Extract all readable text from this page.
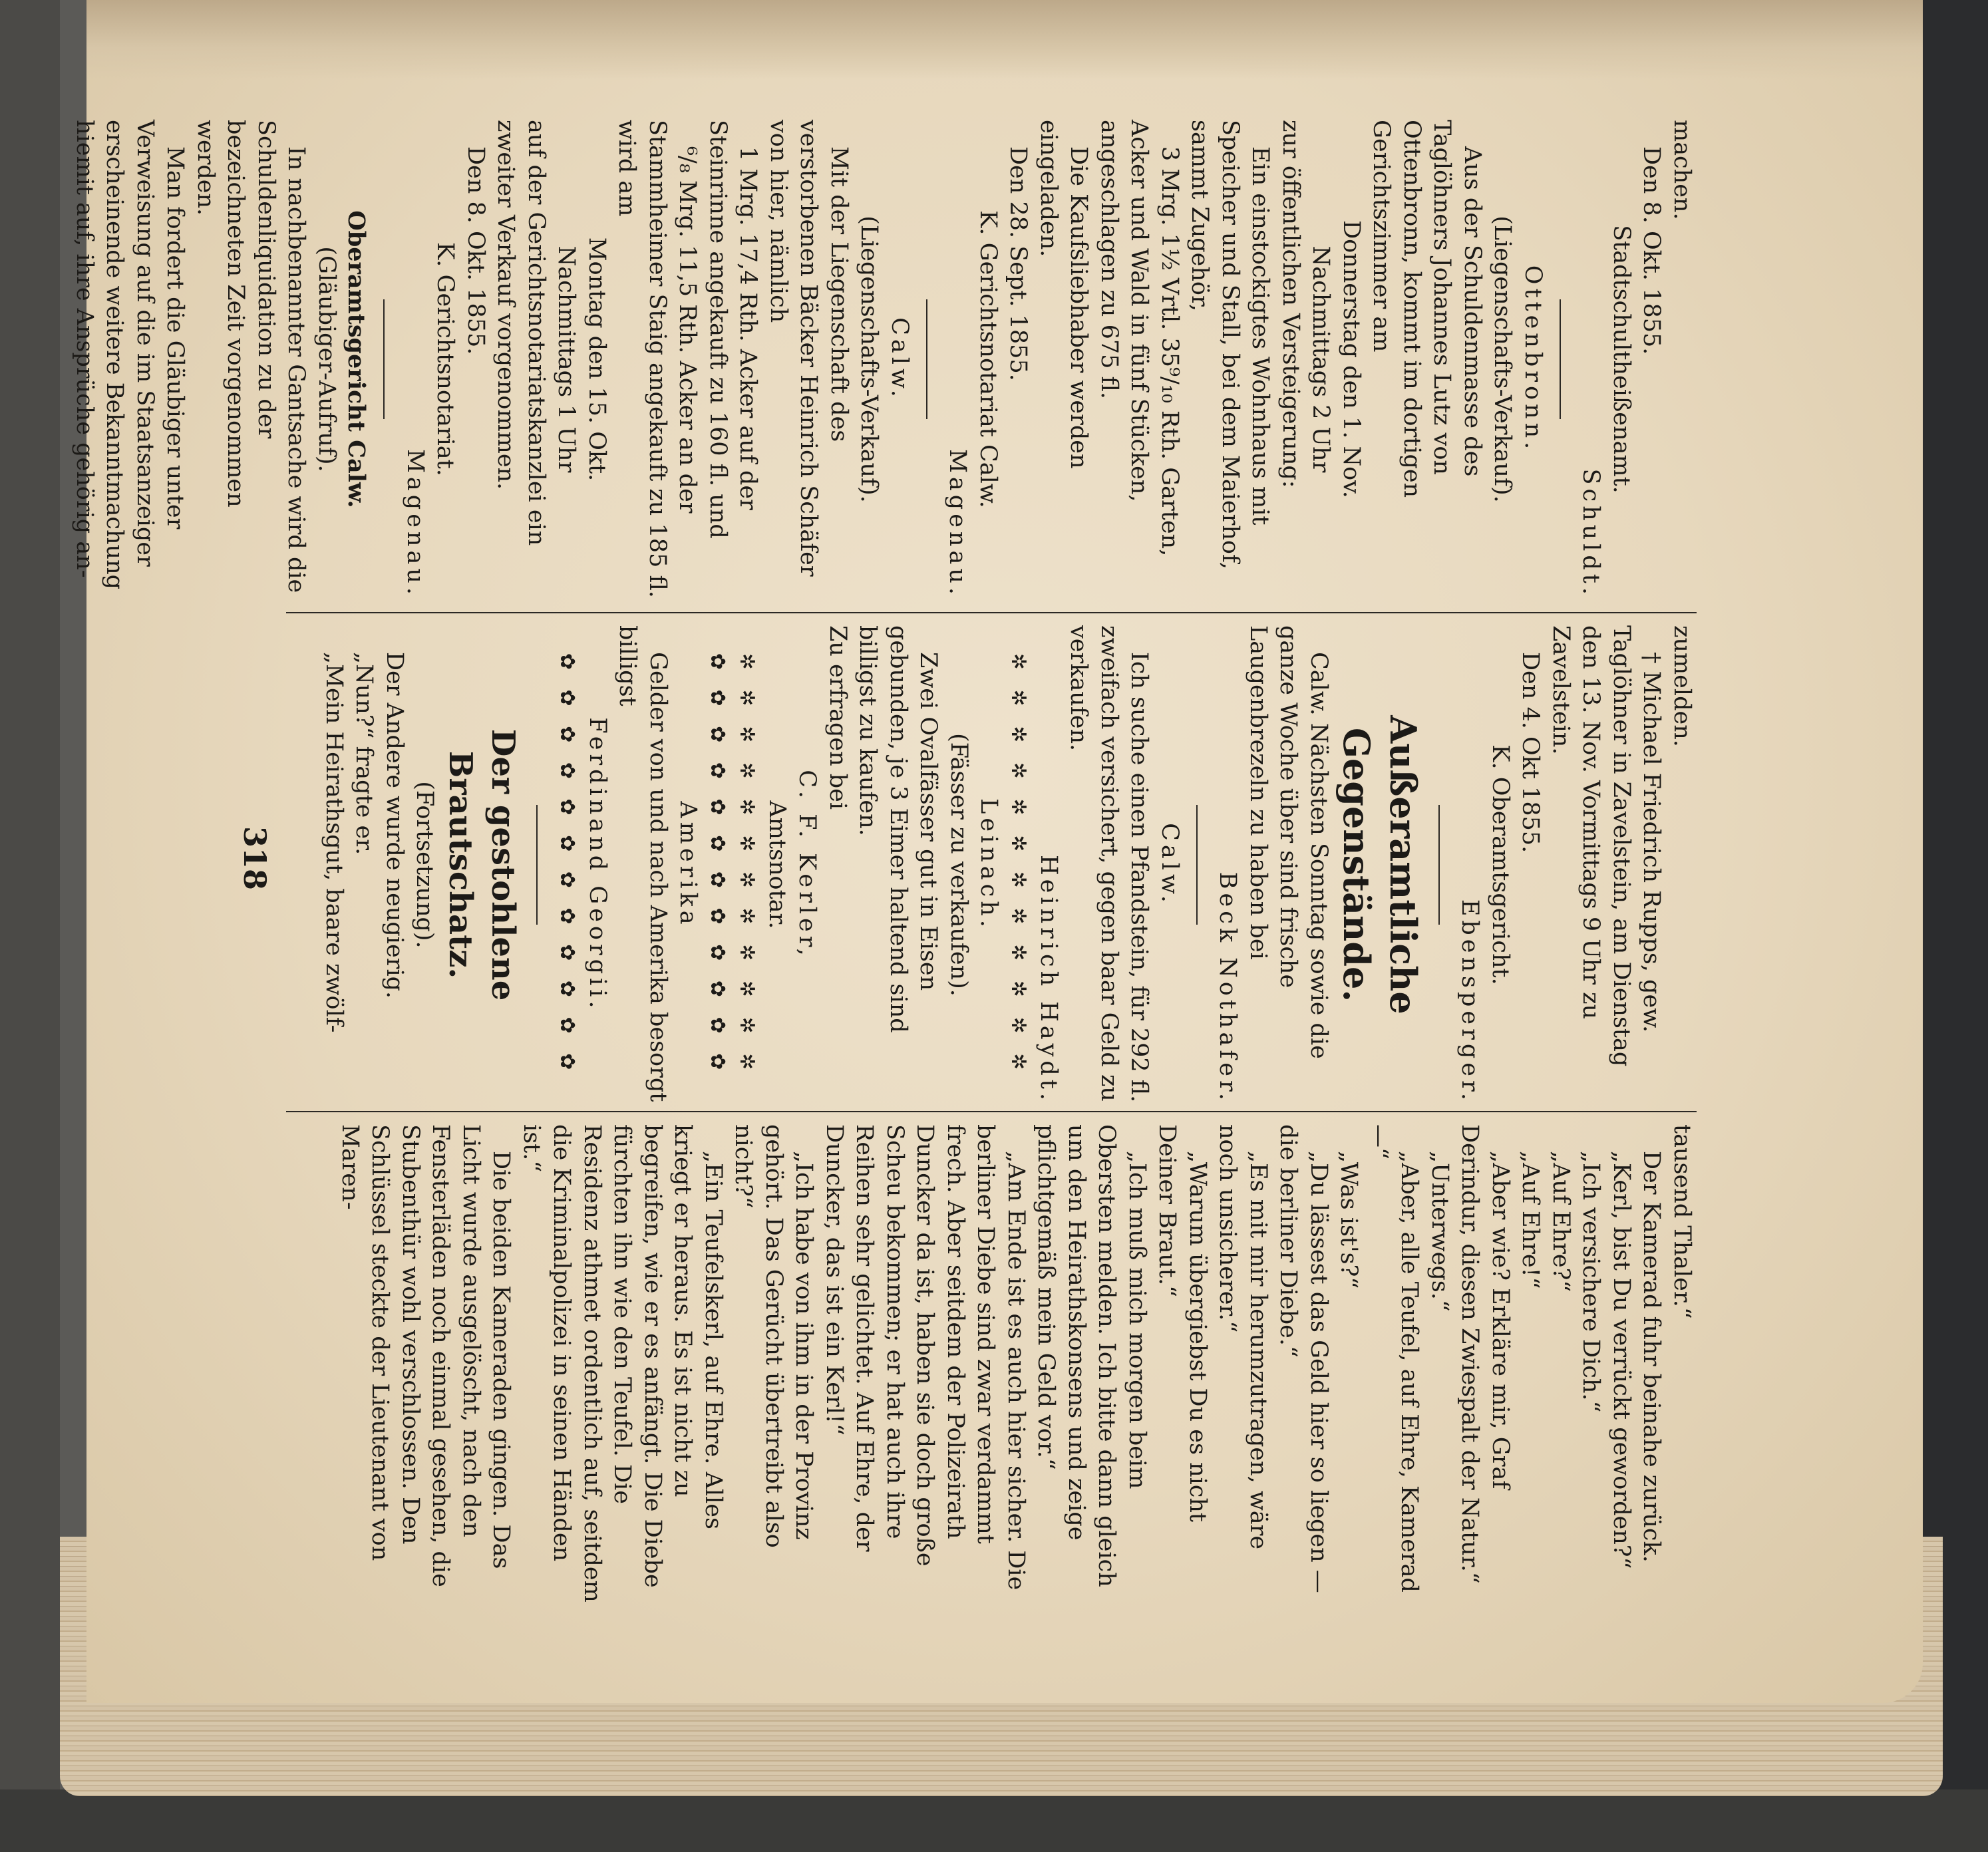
machen.

Den 8. Okt. 1855.

Stadtschultheißenamt.

Schuldt.

Ottenbronn.

(Liegenschafts-Verkauf).

Aus der Schuldenmasse des Taglöhners Johannes Lutz von Ottenbronn, kommt im dortigen Gerichtszimmer am

Donnerstag den 1. Nov.

Nachmittags 2 Uhr

zur öffentlichen Versteigerung:

Ein einstockigtes Wohnhaus mit Speicher und Stall, bei dem Maierhof, sammt Zugehör,

3 Mrg. 1½ Vrtl. 35⁹/₁₀ Rth. Garten, Acker und Wald in fünf Stücken, angeschlagen zu 675 fl.

Die Kaufsliebhaber werden eingeladen.

Den 28. Sept. 1855.

K. Gerichtsnotariat Calw.

Magenau.

Calw.

(Liegenschafts-Verkauf).

Mit der Liegenschaft des verstorbenen Bäcker Heinrich Schäfer von hier, nämlich

1 Mrg. 17,4 Rth. Acker auf der Steinrinne angekauft zu 160 fl. und

⁶/₈ Mrg. 11,5 Rth. Acker an der Stammheimer Staig angekauft zu 185 fl.

wird am

Montag den 15. Okt.

Nachmittags 1 Uhr

auf der Gerichtsnotariatskanzlei ein zweiter Verkauf vorgenommen.

Den 8. Okt. 1855.

K. Gerichtsnotariat.

Magenau.

Oberamtsgericht Calw.

(Gläubiger-Aufruf).

In nachbenannter Gantsache wird die Schuldenliquidation zu der bezeichneten Zeit vorgenommen werden.

Man fordert die Gläubiger unter Verweisung auf die im Staatsanzeiger erscheinende weitere Bekanntmachung hiemit auf, ihre Ansprüche gehörig an-

zumelden.

† Michael Friedrich Rupps, gew. Taglöhner in Zavelstein, am Dienstag den 13. Nov. Vormittags 9 Uhr zu Zavelstein.

Den 4. Okt 1855.

K. Oberamtsgericht.

Ebensperger.

Außeramtliche Gegenstände.

Calw. Nächsten Sonntag sowie die ganze Woche über sind frische Laugenbrezeln zu haben bei

Beck Nothafer.

Calw.

Ich suche einen Pfandstein, für 292 fl. zweifach versichert, gegen baar Geld zu verkaufen.

Heinrich Haydt.

✲ ✲ ✲ ✲ ✲ ✲ ✲ ✲ ✲ ✲ ✲ ✲

Leinach.

(Fässer zu verkaufen).

Zwei Ovalfässer gut in Eisen gebunden, je 3 Eimer haltend sind billigst zu kaufen.

Zu erfragen bei

C. F. Kerler,

Amtsnotar.

✲ ✲ ✲ ✲ ✲ ✲ ✲ ✲ ✲ ✲ ✲ ✲

✿ ✿ ✿ ✿ ✿ ✿ ✿ ✿ ✿ ✿ ✿ ✿

Amerika

Gelder von und nach Amerika besorgt billigst

Ferdinand Georgii.

✿ ✿ ✿ ✿ ✿ ✿ ✿ ✿ ✿ ✿ ✿ ✿

Der gestohlene Brautschatz.

(Fortsetzung).

Der Andere wurde neugierig.

„Nun?“ fragte er.

„Mein Heirathsgut, baare zwölf-

tausend Thaler.“

Der Kamerad fuhr beinahe zurück.

„Kerl, bist Du verrückt geworden?“

„Ich versichere Dich.“

„Auf Ehre?“

„Auf Ehre!“

„Aber wie? Erkläre mir, Graf Derindur, diesen Zwiespalt der Natur.“

„Unterwegs.“

„Aber, alle Teufel, auf Ehre, Kamerad —“

„Was ist's?“

„Du lässest das Geld hier so liegen — die berliner Diebe.“

„Es mit mir herumzutragen, wäre noch unsicherer.“

„Warum übergiebst Du es nicht Deiner Braut.“

„Ich muß mich morgen beim Obersten melden. Ich bitte dann gleich um den Heirathskonsens und zeige pflichtgemäß mein Geld vor.“

„Am Ende ist es auch hier sicher. Die berliner Diebe sind zwar verdammt frech. Aber seitdem der Polizeirath Duncker da ist, haben sie doch große Scheu bekommen; er hat auch ihre Reihen sehr gelichtet. Auf Ehre, der Duncker, das ist ein Kerl!“

„Ich habe von ihm in der Provinz gehört. Das Gerücht übertreibt also nicht?“

„Ein Teufelskerl, auf Ehre. Alles kriegt er heraus. Es ist nicht zu begreifen, wie er es anfängt. Die Diebe fürchten ihn wie den Teufel. Die Residenz athmet ordentlich auf, seitdem die Kriminalpolizei in seinen Händen ist.“

Die beiden Kameraden gingen. Das Licht wurde ausgelöscht, nach den Fensterläden noch einmal gesehen, die Stubenthür wohl verschlossen. Den Schlüssel steckte der Lieutenant von Maren-

318
